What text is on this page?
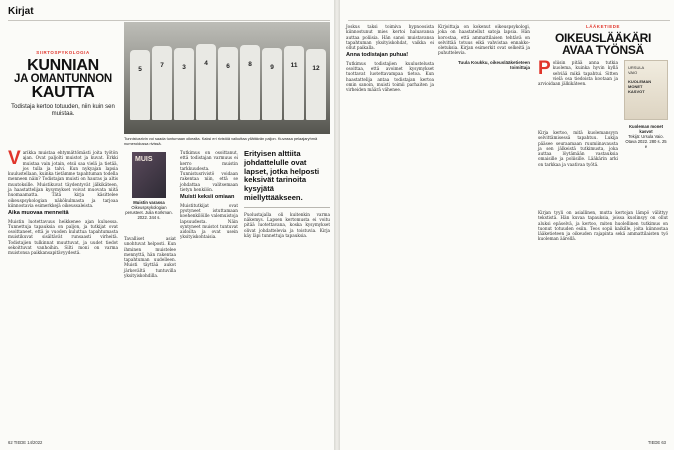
Kirjat
SIIRTOSPYKOLOGIA
KUNNIAN
JA OMANTUNNON
KAUTTA
Todistaja kertoo totuuden, niin kuin sen muistaa.
Varikka muistaa ehtymättömästi joita työtön ajan. Ovat paljolti muistot ja kuvat. Erkki muistaa vain jotain, etsii saa vielä ja tietää, jos tulla ja talvi. Kun nykyajan lapsia kuulustellaan, kuinka tietämme tapahtuman todella menneen näin? Todistajan muisti on hauras ja altis muutoksille. Muistikuvat täydentyvät jälkikäteen, ja haastattelijan kysymykset voivat muovata niitä huomaamatta. Tätä kirja käsittelee oikeuspsykologian näkökulmasta ja tarjoaa kiinnostavia esimerkkejä oikeussaleista.
Aika muovaa menneitä
Muistin luotettavuus heikkenee ajan kuluessa. Tunnettuja tapauksia on paljon, ja tutkijat ovat osoittaneet, että jo vuoden kuluttua tapahtumasta muistikuvat sisältävät runsaasti virheitä. Todistajien tulkinnat muuttuvat, ja uudet tiedot sekoittuvat vanhoihin. Silti moni on varma muistonsa paikkansapitävyydestä.
5
7	3
4	6	8	9	11	12
Tunnistusrivin voi saada tuntumaan oikealta. Kaksi eri rivistöä vaikuttaa yllättävän paljon. Kuvassa pelaajaryhmä numeroidussa rivissä.
MUIS
Muistin varassa
Oikeuspsykologian perusteet. Julia Korkman. 2022. 344 s.
Tavalliset asiat unohtuvat helposti. Kun ihminen muistelee mennyttä, hän rakentaa tapahtuman uudelleen. Muisti täyttää aukot järkevältä tuntuvilla yksityiskohdilla.
Tutkimus on osoittanut, että todistajan varmuus ei kerro muistin tarkkuudesta. Tunnistusrivistö voidaan rakentaa niin, että se johdattaa valitsemaan tietyn henkilön.
Muisti keksii omiaan
Muistitutkijat ovat pystyneet istuttamaan koehenkilöille valemuistoja lapsuudesta. Näin syntyneet muistot tuntuvat aidoilta ja ovat usein yksityiskohtaisia.
Erityisen alttiita johdattelulle ovat lapset, jotka helposti keksivät tarinoita kysyjätä miellyttääkseen.
Puolustajalla oli kuitenkin varma näkemys. Lapsen kertomusta ei voitu pitää luotettavana, koska kysymykset olivat johdattelevia ja toistuvia. Kirja käy läpi tunnettuja tapauksia.
62 TIEDE 14/2022
Joskus taksi toimiva hypnoosista kiinnostunut mies kertoi haluavansa auttaa poliisia. Hän sanoi muistavansa tapahtuman yksityiskohdat, vaikka ei ollut paikalla.
Anna todistajan puhua!
Tutkimus todistajien kuulustelusta osoittaa, että avoimet kysymykset tuottavat luotettavampaa tietoa. Kun haastattelija antaa todistajan kertoa omin sanoin, muisti toimii parhaiten ja virheiden määrä vähenee.
Kirjoittaja on kokenut oikeuspsykologi, joka on haastatellut satoja lapsia. Hän korostaa, että ammattilaisen tehtävä on selvittää totuus eikä vahvistaa ennakko-oletuksia. Kirjan esimerkit ovat selkeitä ja puhuttelevia.
Tuula Koukku, oikeuslääketieteen toimittaja
LÄÄKETIEDE
OIKEUSLÄÄKÄRI
AVAA TYÖNSÄ
Poliisin pitää anna tutkia kuolema, kuinka hyvin kyllä selviää mikä tapahtui. Sitten vielä osa tiedoista kootaan ja arvioidaan jälkikäteen.
URSULA
VAIO
KUOLEMAN
MONET
KASVOT
Kuoleman monet kasvot
Tekijä: Ursula Vaio. Otava 2022. 280 s. 25 e
Kirja kertoo, mitä kuolemansyyn selvittämisessä tapahtuu. Lukija pääsee seuraamaan ruumiinavausta ja sen jälkeistä tutkimusta, joka auttaa löytämään vastauksia omaisille ja poliisille. Lääkärin arki on tarkkaa ja vaativaa työtä.
Kirjan tyyli on asiallinen, mutta kertojan lämpö välittyy tekstistä. Hän kuvaa tapauksia, joissa kuolinsyy on ollut aluksi epäselvä, ja kertoo, miten huolellinen tutkimus on tuonut totuuden esiin. Teos sopii kaikille, joita kiinnostaa lääketieteen ja oikeuden rajapinta sekä ammattilaisten työ kuoleman äärellä.
TIEDE 63
